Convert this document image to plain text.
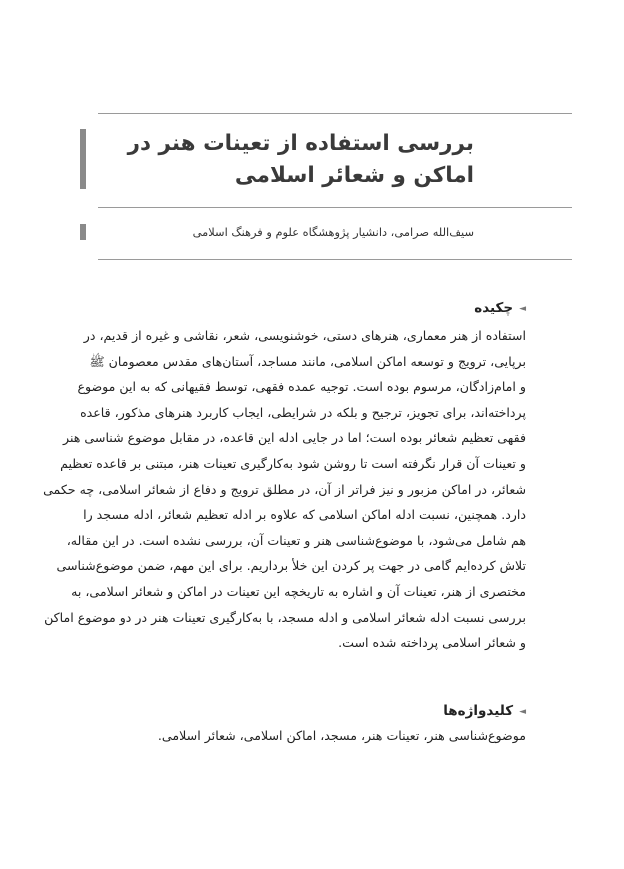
بررسی استفاده از تعینات هنر در
اماکن و شعائر اسلامی
سیف‌الله صرامی، دانشیار پژوهشگاه علوم و فرهنگ اسلامی
◄چکیده
استفاده از هنر معماری، هنرهای دستی، خوشنویسی، شعر، نقاشی و غیره از قدیم، در
برپایی، ترویج و توسعه اماکن اسلامی، مانند مساجد، آستان‌های مقدس معصومان ﷺ
و امام‌زادگان، مرسوم بوده است. توجیه عمده فقهی، توسط فقیهانی که به این موضوع
پرداخته‌اند، برای تجویز، ترجیح و بلکه در شرایطی، ایجاب کاربرد هنرهای مذکور، قاعده
فقهی تعظیم شعائر بوده است؛ اما در جایی ادله این قاعده، در مقابل موضوع شناسی هنر
و تعینات آن قرار نگرفته است تا روشن شود به‌کارگیری تعینات هنر، مبتنی بر قاعده تعظیم
شعائر، در اماکن مزبور و نیز فراتر از آن، در مطلق ترویج و دفاع از شعائر اسلامی، چه حکمی
دارد. همچنین، نسبت ادله اماکن اسلامی که علاوه بر ادله تعظیم شعائر، ادله مسجد را
هم شامل می‌شود، با موضوع‌شناسی هنر و تعینات آن، بررسی نشده است. در این مقاله،
تلاش کرده‌ایم گامی در جهت پر کردن این خلأ برداریم. برای این مهم، ضمن موضوع‌شناسی
مختصری از هنر، تعینات آن و اشاره به تاریخچه این تعینات در اماکن و شعائر اسلامی، به
بررسی نسبت ادله شعائر اسلامی و ادله مسجد، با به‌کارگیری تعینات هنر در دو موضوع اماکن
و شعائر اسلامی پرداخته شده است.
◄کلیدواژه‌ها
موضوع‌شناسی هنر، تعینات هنر، مسجد، اماکن اسلامی، شعائر اسلامی.
